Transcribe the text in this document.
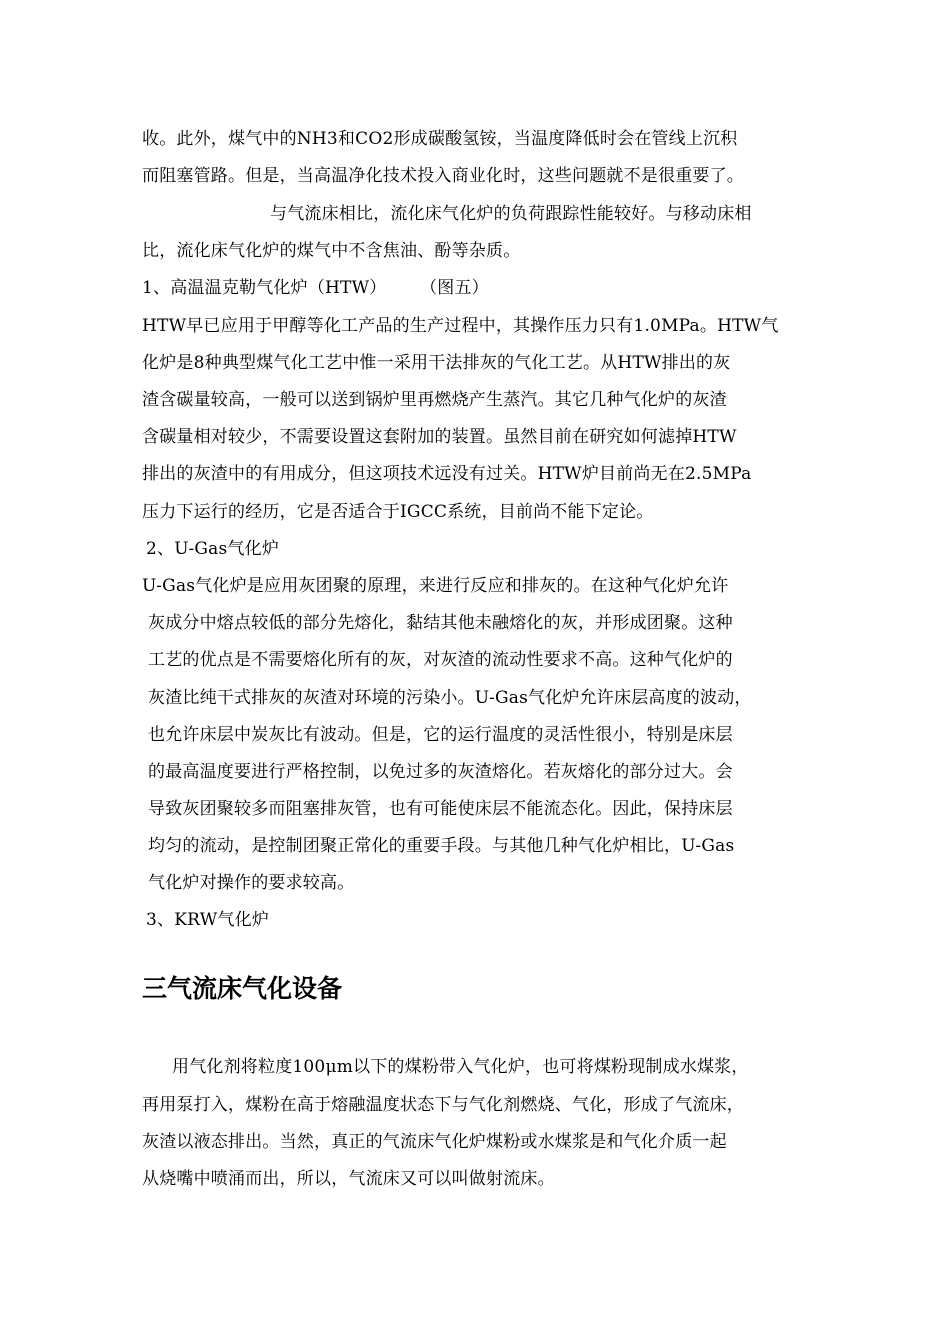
收。此外，煤气中的NH3和CO2形成碳酸氢铵，当温度降低时会在管线上沉积
而阻塞管路。但是，当高温净化技术投入商业化时，这些问题就不是很重要了。
与气流床相比，流化床气化炉的负荷跟踪性能较好。与移动床相
比，流化床气化炉的煤气中不含焦油、酚等杂质。
1、高温温克勒气化炉（HTW）      （图五）
HTW早已应用于甲醇等化工产品的生产过程中，其操作压力只有1.0MPa。HTW气
化炉是8种典型煤气化工艺中惟一采用干法排灰的气化工艺。从HTW排出的灰
渣含碳量较高，一般可以送到锅炉里再燃烧产生蒸汽。其它几种气化炉的灰渣
含碳量相对较少，不需要设置这套附加的装置。虽然目前在研究如何滤掉HTW
排出的灰渣中的有用成分，但这项技术远没有过关。HTW炉目前尚无在2.5MPa
压力下运行的经历，它是否适合于IGCC系统，目前尚不能下定论。
2、U-Gas气化炉
U-Gas气化炉是应用灰团聚的原理，来进行反应和排灰的。在这种气化炉允许
灰成分中熔点较低的部分先熔化，黏结其他未融熔化的灰，并形成团聚。这种
工艺的优点是不需要熔化所有的灰，对灰渣的流动性要求不高。这种气化炉的
灰渣比纯干式排灰的灰渣对环境的污染小。U-Gas气化炉允许床层高度的波动，
也允许床层中炭灰比有波动。但是，它的运行温度的灵活性很小，特别是床层
的最高温度要进行严格控制，以免过多的灰渣熔化。若灰熔化的部分过大。会
导致灰团聚较多而阻塞排灰管，也有可能使床层不能流态化。因此，保持床层
均匀的流动，是控制团聚正常化的重要手段。与其他几种气化炉相比，U-Gas
气化炉对操作的要求较高。
3、KRW气化炉
三气流床气化设备
用气化剂将粒度100μm以下的煤粉带入气化炉，也可将煤粉现制成水煤浆，
再用泵打入，煤粉在高于熔融温度状态下与气化剂燃烧、气化，形成了气流床，
灰渣以液态排出。当然，真正的气流床气化炉煤粉或水煤浆是和气化介质一起
从烧嘴中喷涌而出，所以，气流床又可以叫做射流床。
